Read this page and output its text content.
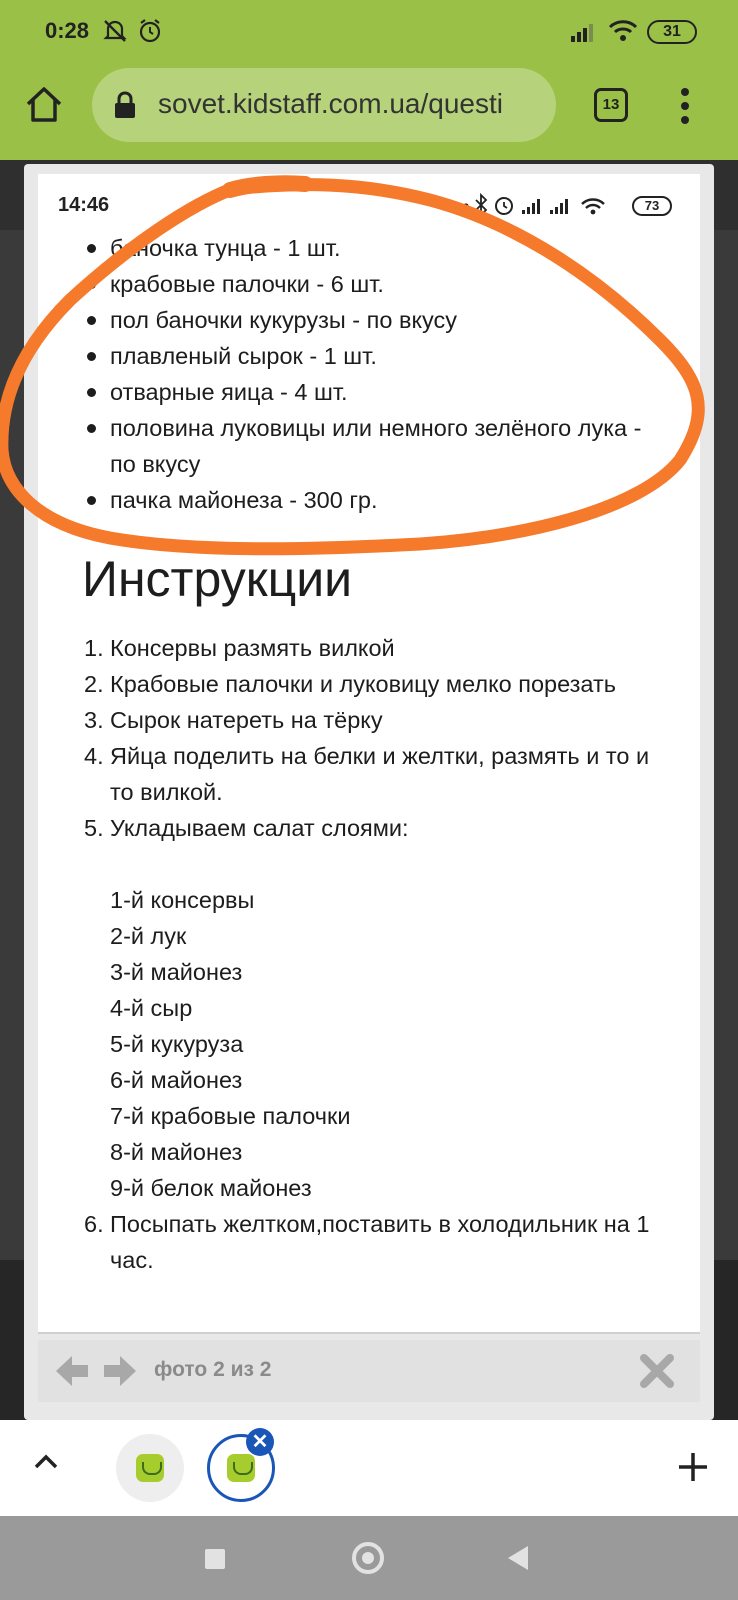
0:28	31
sovet.kidstaff.com.ua/questi	13
14:46	73
баночка тунца - 1 шт.
крабовые палочки - 6 шт.
пол баночки кукурузы - по вкусу
плавленый сырок - 1 шт.
отварные яица - 4 шт.
половина луковицы или немного зелёного лука - по вкусу
пачка майонеза - 300 гр.
Инструкции
Консервы размять вилкой
Крабовые палочки и луковицу мелко порезать
Сырок натереть на тёрку
Яйца поделить на белки и желтки, размять и то и то вилкой.
Укладываем салат слоями:
1-й консервы
2-й лук
3-й майонез
4-й сыр
5-й кукуруза
6-й майонез
7-й крабовые палочки
8-й майонез
9-й белок майонез
Посыпать желтком,поставить в холодильник на 1 час.
фото 2 из 2
✕
